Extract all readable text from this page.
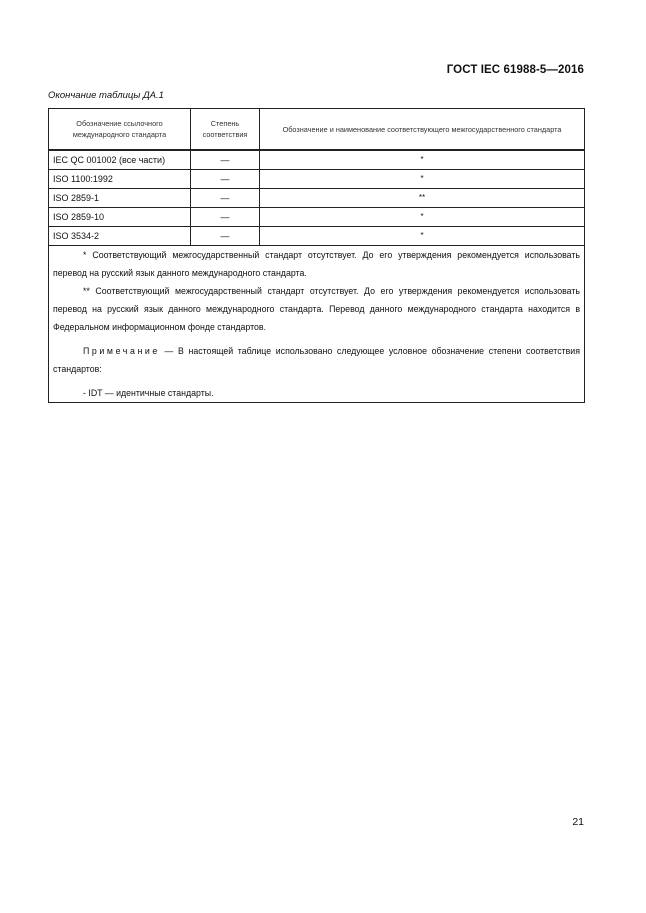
ГОСТ IEC 61988-5—2016
Окончание таблицы ДА.1
Обозначение ссылочного международного стандарта	Степень соответствия	Обозначение и наименование соответствующего межгосударственного стандарта
IEC QC 001002 (все части)	—	*
ISO 1100:1992	—	*
ISO 2859-1	—	**
ISO 2859-10	—	*
ISO 3534-2	—	*

* Соответствующий межгосударственный стандарт отсутствует. До его утверждения рекомендуется использовать перевод на русский язык данного международного стандарта.

** Соответствующий межгосударственный стандарт отсутствует. До его утверждения рекомендуется использовать перевод на русский язык данного международного стандарта. Перевод данного международного стандарта находится в Федеральном информационном фонде стандартов.

Примечание — В настоящей таблице использовано следующее условное обозначение степени соответствия стандартов:

- IDT — идентичные стандарты.		

21
